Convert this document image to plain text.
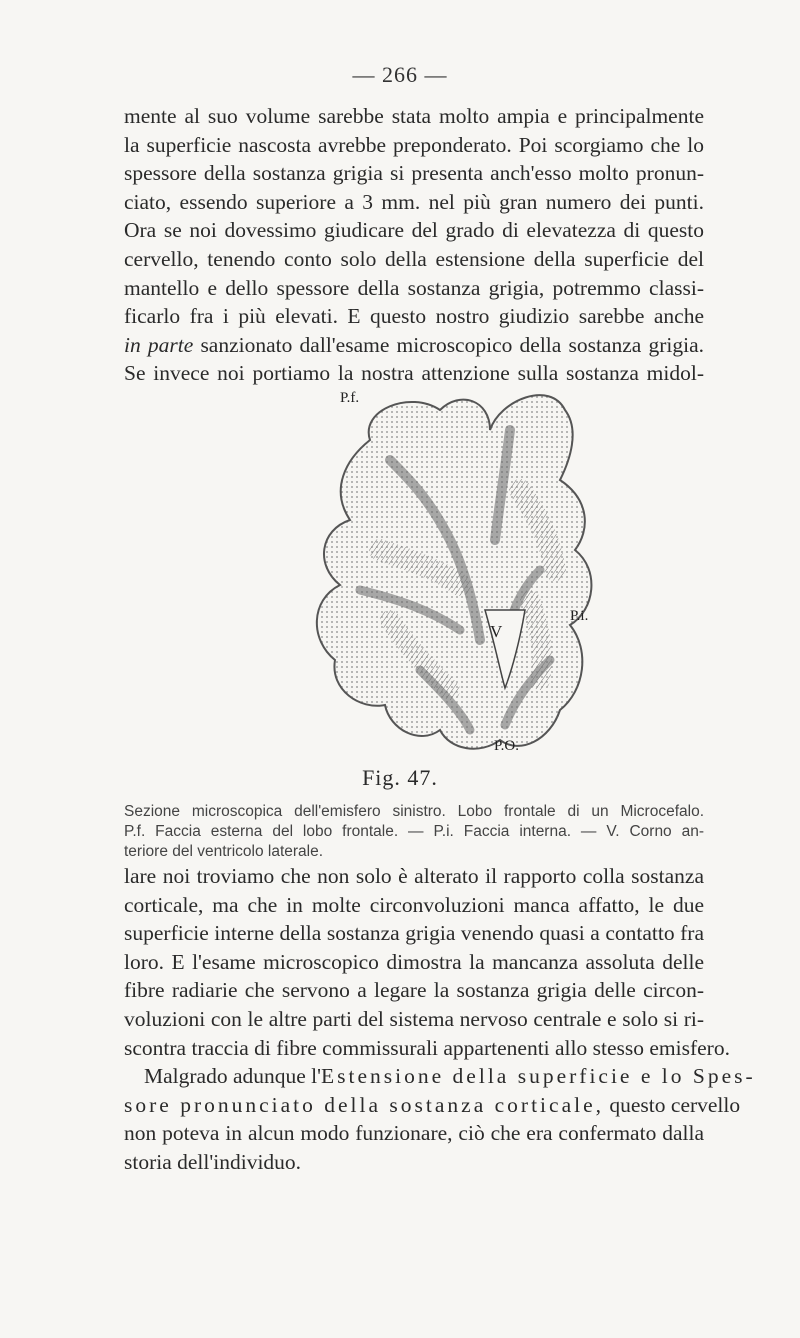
— 266 —
mente al suo volume sarebbe stata molto ampia e principalmente
la superficie nascosta avrebbe preponderato. Poi scorgiamo che lo
spessore della sostanza grigia si presenta anch'esso molto pronun-
ciato, essendo superiore a 3 mm. nel più gran numero dei punti.
Ora se noi dovessimo giudicare del grado di elevatezza di questo
cervello, tenendo conto solo della estensione della superficie del
mantello e dello spessore della sostanza grigia, potremmo classi-
ficarlo fra i più elevati. E questo nostro giudizio sarebbe anche
in parte sanzionato dall'esame microscopico della sostanza grigia.
Se invece noi portiamo la nostra attenzione sulla sostanza midol-
P.f.
P.i.
V
P.O.
Fig. 47.
Sezione microscopica dell'emisfero sinistro. Lobo frontale di un Microcefalo.
P.f. Faccia esterna del lobo frontale. — P.i. Faccia interna. — V. Corno an-
teriore del ventricolo laterale.
lare noi troviamo che non solo è alterato il rapporto colla sostanza
corticale, ma che in molte circonvoluzioni manca affatto, le due
superficie interne della sostanza grigia venendo quasi a contatto fra
loro. E l'esame microscopico dimostra la mancanza assoluta delle
fibre radiarie che servono a legare la sostanza grigia delle circon-
voluzioni con le altre parti del sistema nervoso centrale e solo si ri-
scontra traccia di fibre commissurali appartenenti allo stesso emisfero.
Malgrado adunque l'Estensione della superficie e lo Spes-
sore pronunciato della sostanza corticale, questo cervello
non poteva in alcun modo funzionare, ciò che era confermato dalla
storia dell'individuo.
